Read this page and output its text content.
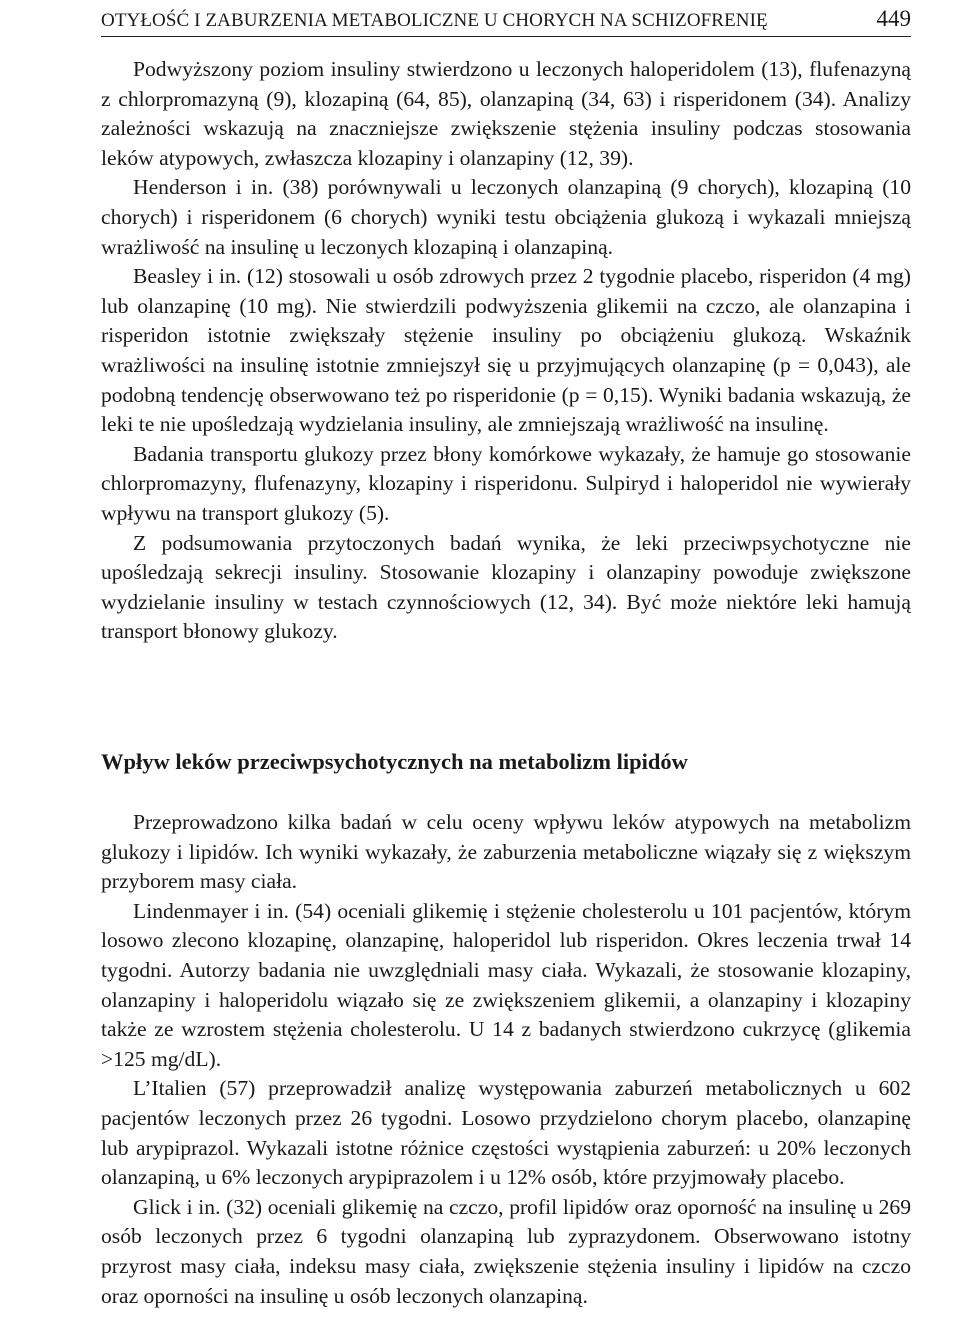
OTYŁOŚĆ I ZABURZENIA METABOLICZNE U CHORYCH NA SCHIZOFRENIĘ	449

Podwyższony poziom insuliny stwierdzono u leczonych haloperidolem (13), flufenazyną z chlorpromazyną (9), klozapiną (64, 85), olanzapiną (34, 63) i risperidonem (34). Analizy zależności wskazują na znaczniejsze zwiększenie stężenia insuliny podczas stosowania leków atypowych, zwłaszcza klozapiny i olanzapiny (12, 39).

Henderson i in. (38) porównywali u leczonych olanzapiną (9 chorych), klozapiną (10 chorych) i risperidonem (6 chorych) wyniki testu obciążenia glukozą i wykazali mniejszą wrażliwość na insulinę u leczonych klozapiną i olanzapiną.

Beasley i in. (12) stosowali u osób zdrowych przez 2 tygodnie placebo, risperidon (4 mg) lub olanzapinę (10 mg). Nie stwierdzili podwyższenia glikemii na czczo, ale olanzapina i risperidon istotnie zwiększały stężenie insuliny po obciążeniu glukozą. Wskaźnik wrażliwości na insulinę istotnie zmniejszył się u przyjmujących olanzapinę (p = 0,043), ale podobną tendencję obserwowano też po risperidonie (p = 0,15). Wyniki badania wskazują, że leki te nie upośledzają wydzielania insuliny, ale zmniejszają wrażliwość na insulinę.

Badania transportu glukozy przez błony komórkowe wykazały, że hamuje go stosowanie chlorpromazyny, flufenazyny, klozapiny i risperidonu. Sulpiryd i haloperidol nie wywierały wpływu na transport glukozy (5).

Z podsumowania przytoczonych badań wynika, że leki przeciwpsychotyczne nie upośledzają sekrecji insuliny. Stosowanie klozapiny i olanzapiny powoduje zwiększone wydzielanie insuliny w testach czynnościowych (12, 34). Być może niektóre leki hamują transport błonowy glukozy.

Wpływ leków przeciwpsychotycznych na metabolizm lipidów

Przeprowadzono kilka badań w celu oceny wpływu leków atypowych na metabolizm glukozy i lipidów. Ich wyniki wykazały, że zaburzenia metaboliczne wiązały się z większym przyborem masy ciała.

Lindenmayer i in. (54) oceniali glikemię i stężenie cholesterolu u 101 pacjentów, którym losowo zlecono klozapinę, olanzapinę, haloperidol lub risperidon. Okres leczenia trwał 14 tygodni. Autorzy badania nie uwzględniali masy ciała. Wykazali, że stosowanie klozapiny, olanzapiny i haloperidolu wiązało się ze zwiększeniem glikemii, a olanzapiny i klozapiny także ze wzrostem stężenia cholesterolu. U 14 z badanych stwierdzono cukrzycę (glikemia >125 mg/dL).

L’Italien (57) przeprowadził analizę występowania zaburzeń metabolicznych u 602 pacjentów leczonych przez 26 tygodni. Losowo przydzielono chorym placebo, olanzapinę lub arypiprazol. Wykazali istotne różnice częstości wystąpienia zaburzeń: u 20% leczonych olanzapiną, u 6% leczonych arypiprazolem i u 12% osób, które przyjmowały placebo.

Glick i in. (32) oceniali glikemię na czczo, profil lipidów oraz oporność na insulinę u 269 osób leczonych przez 6 tygodni olanzapiną lub zyprazydonem. Obserwowano istotny przyrost masy ciała, indeksu masy ciała, zwiększenie stężenia insuliny i lipidów na czczo oraz oporności na insulinę u osób leczonych olanzapiną.
